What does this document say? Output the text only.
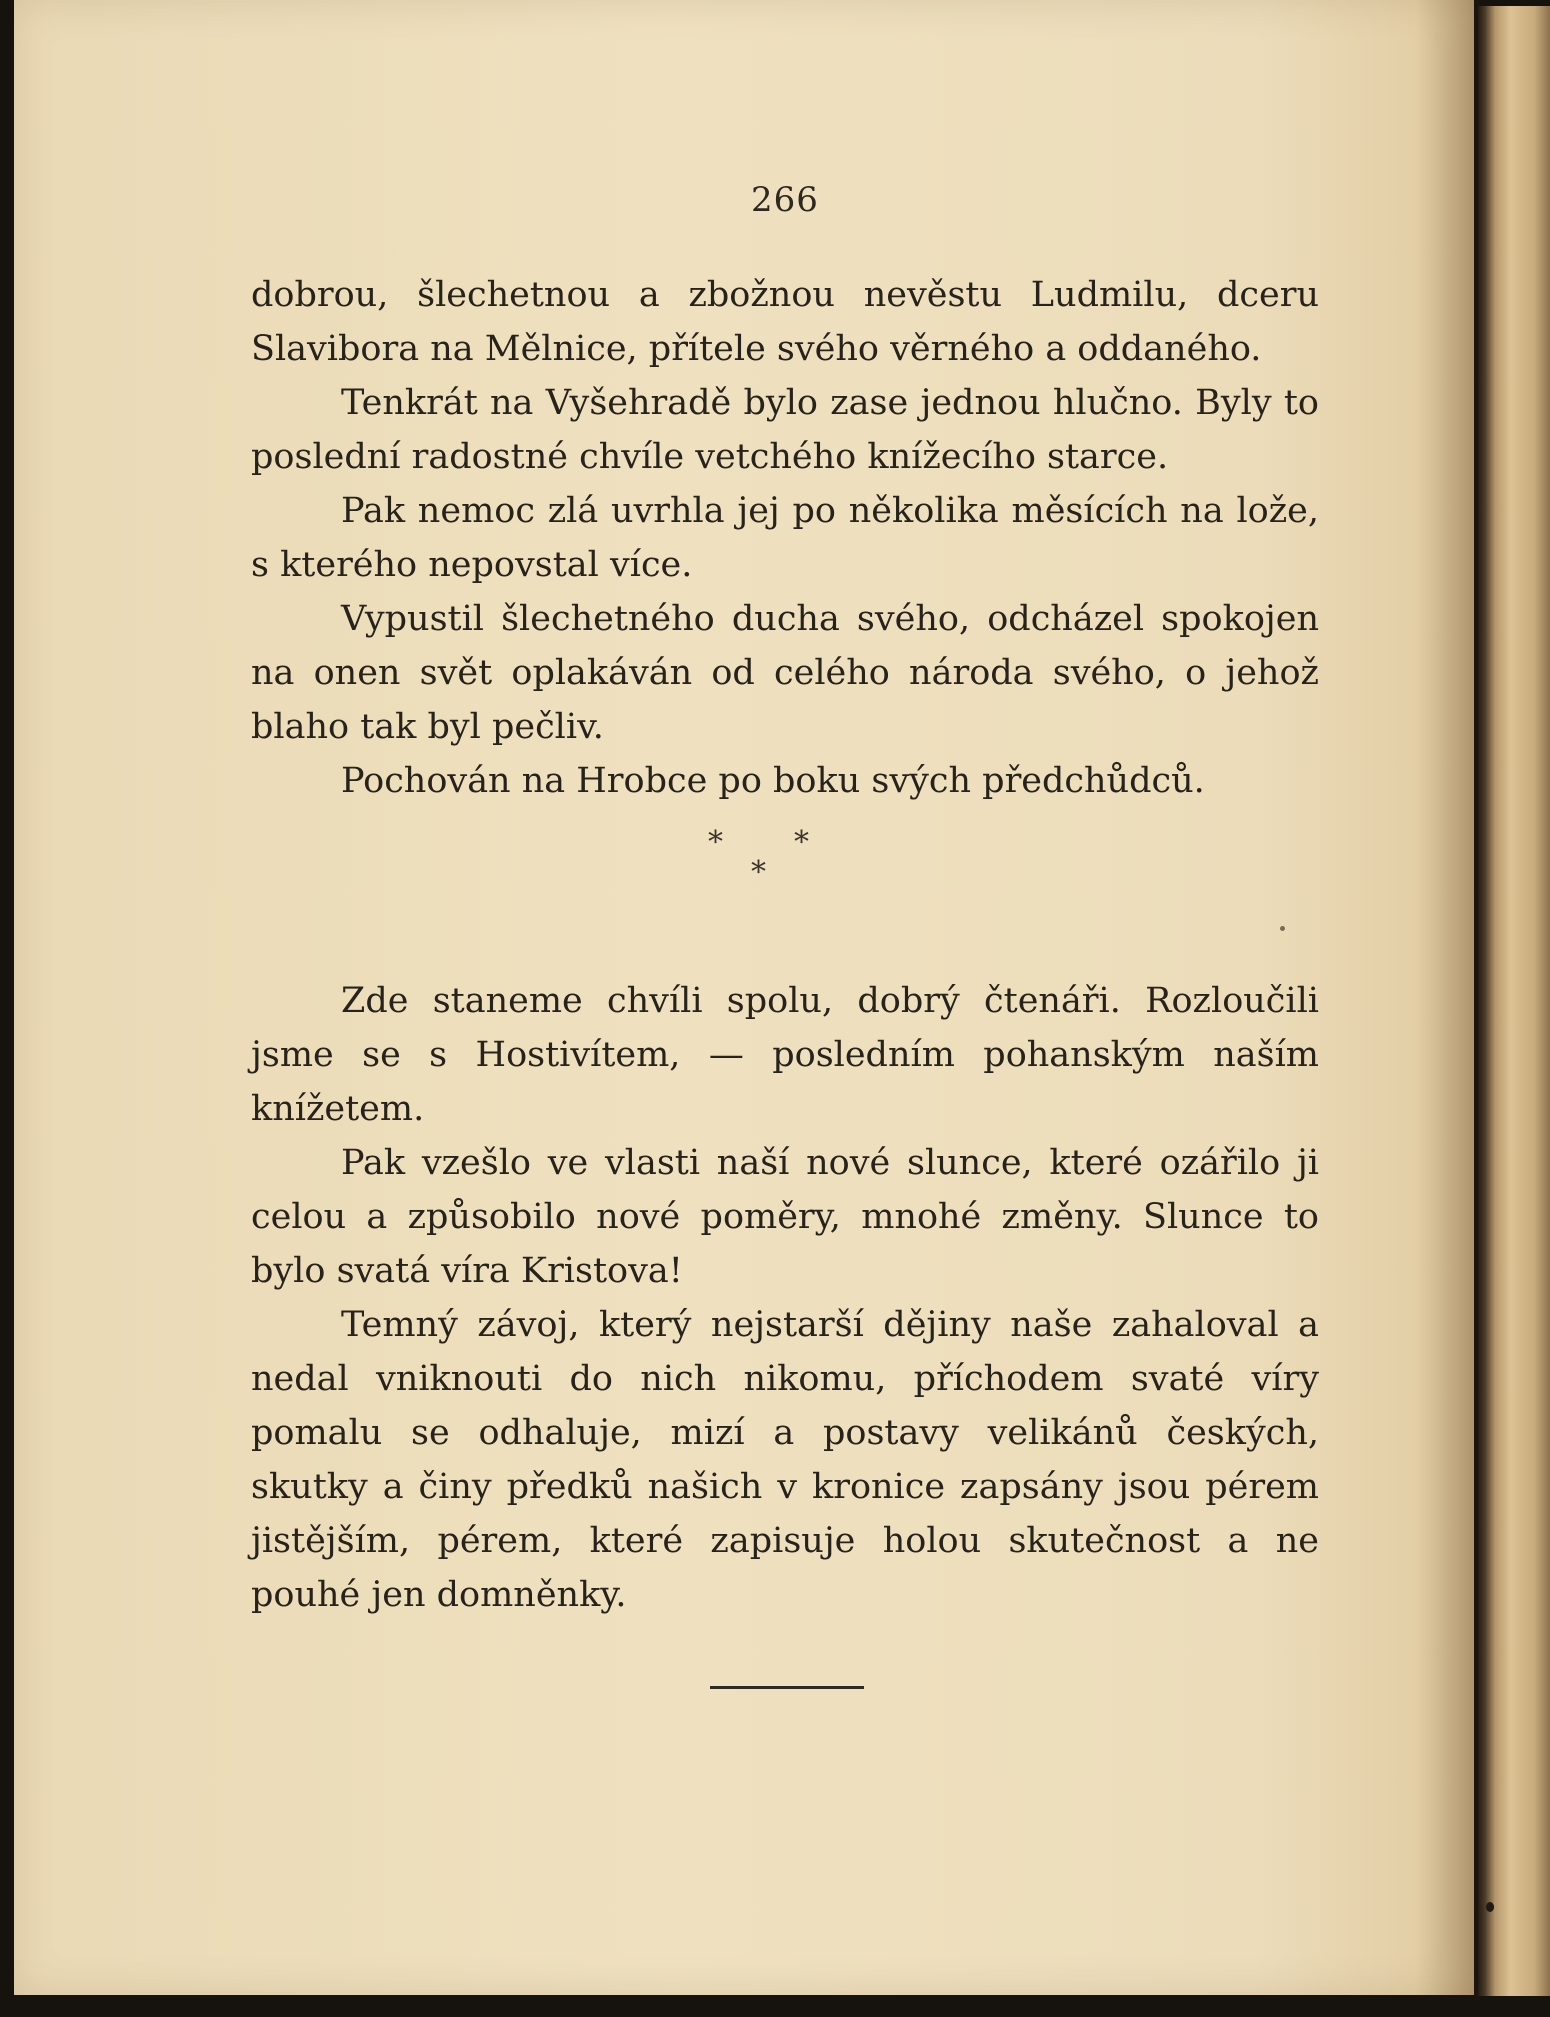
266

dobrou, šlechetnou a zbožnou nevěstu Ludmilu, dceru Slavibora na Mělnice, přítele svého věrného a oddaného.

Tenkrát na Vyšehradě bylo zase jednou hlučno. Byly to poslední radostné chvíle vetchého knížecího starce.

Pak nemoc zlá uvrhla jej po několika měsících na lože, s kterého nepovstal více.

Vypustil šlechetného ducha svého, odcházel spokojen na onen svět oplakáván od celého národa svého, o jehož blaho tak byl pečliv.

Pochován na Hrobce po boku svých předchůdců.

*
*
*

Zde staneme chvíli spolu, dobrý čtenáři. Rozloučili jsme se s Hostivítem, — posledním pohanským naším knížetem.

Pak vzešlo ve vlasti naší nové slunce, které ozářilo ji celou a způsobilo nové poměry, mnohé změny. Slunce to bylo svatá víra Kristova!

Temný závoj, který nejstarší dějiny naše zahaloval a nedal vniknouti do nich nikomu, příchodem svaté víry pomalu se odhaluje, mizí a postavy velikánů českých, skutky a činy předků našich v kronice zapsány jsou pérem jistějším, pérem, které zapisuje holou skutečnost a ne pouhé jen domněnky.
